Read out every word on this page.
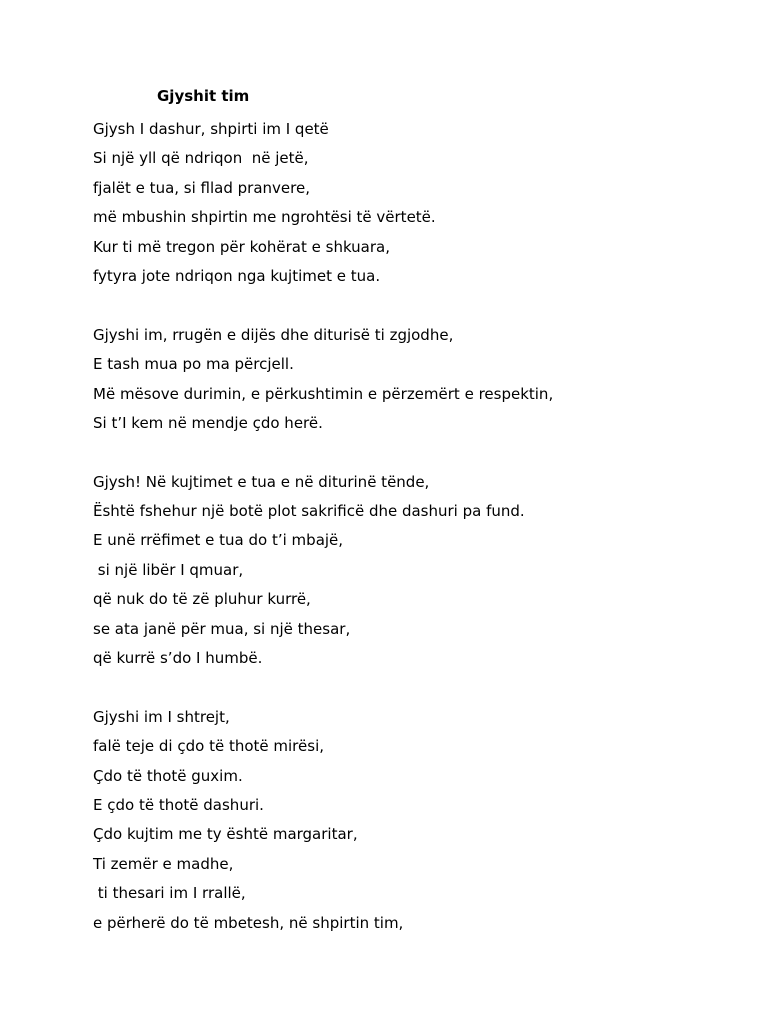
Gjyshit tim
Gjysh I dashur, shpirti im I qetë
Si një yll që ndriqon  në jetë,
fjalët e tua, si fllad pranvere,
më mbushin shpirtin me ngrohtësi të vërtetë.
Kur ti më tregon për kohërat e shkuara,
fytyra jote ndriqon nga kujtimet e tua.
Gjyshi im, rrugën e dijës dhe diturisë ti zgjodhe,
E tash mua po ma përcjell.
Më mësove durimin, e përkushtimin e përzemërt e respektin,
Si t’I kem në mendje çdo herë.
Gjysh! Në kujtimet e tua e në diturinë tënde,
Është fshehur një botë plot sakrificë dhe dashuri pa fund.
E unë rrëfimet e tua do t’i mbajë,
si një libër I qmuar,
që nuk do të zë pluhur kurrë,
se ata janë për mua, si një thesar,
që kurrë s’do I humbë.
Gjyshi im I shtrejt,
falë teje di çdo të thotë mirësi,
Çdo të thotë guxim.
E çdo të thotë dashuri.
Çdo kujtim me ty është margaritar,
Ti zemër e madhe,
ti thesari im I rrallë,
e përherë do të mbetesh, në shpirtin tim,
